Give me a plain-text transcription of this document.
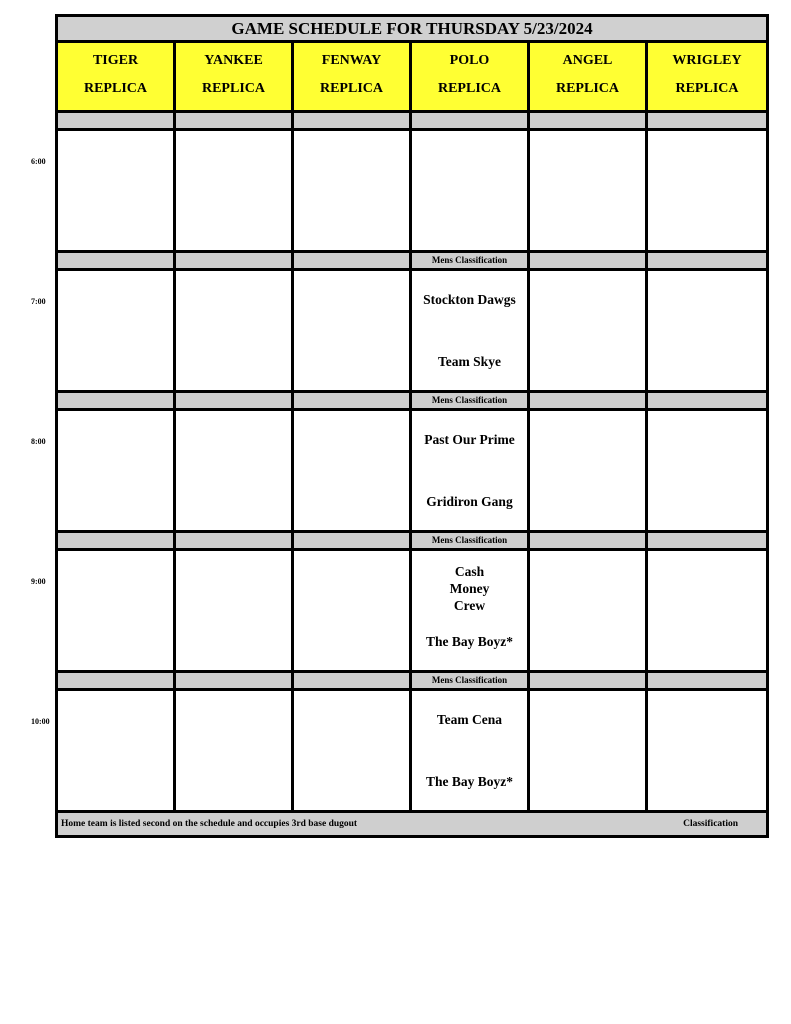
GAME SCHEDULE FOR THURSDAY 5/23/2024
TIGER
REPLICA
YANKEE
REPLICA
FENWAY
REPLICA
POLO
REPLICA
ANGEL
REPLICA
WRIGLEY
REPLICA
Mens Classification
Stockton Dawgs
Team Skye
Mens Classification
Past Our Prime
Gridiron Gang
Mens Classification
Cash Money Crew
The Bay Boyz*
Mens Classification
Team Cena
The Bay Boyz*
Home team is listed second on the schedule and occupies 3rd base dugout	Classification
6:00
7:00
8:00
9:00
10:00
